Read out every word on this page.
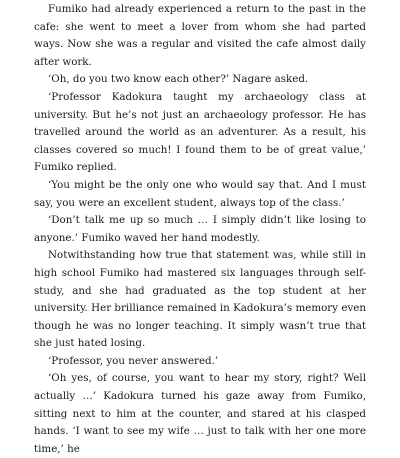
Fumiko had already experienced a return to the past in the cafe: she went to meet a lover from whom she had parted ways. Now she was a regular and visited the cafe almost daily after work.

‘Oh, do you two know each other?’ Nagare asked.

‘Professor Kadokura taught my archaeology class at university. But he’s not just an archaeology professor. He has travelled around the world as an adventurer. As a result, his classes covered so much! I found them to be of great value,’ Fumiko replied.

‘You might be the only one who would say that. And I must say, you were an excellent student, always top of the class.’

‘Don’t talk me up so much … I simply didn’t like losing to anyone.’ Fumiko waved her hand modestly.

Notwithstanding how true that statement was, while still in high school Fumiko had mastered six languages through self-study, and she had graduated as the top student at her university. Her brilliance remained in Kadokura’s memory even though he was no longer teaching. It simply wasn’t true that she just hated losing.

‘Professor, you never answered.’

‘Oh yes, of course, you want to hear my story, right? Well actually …’ Kadokura turned his gaze away from Fumiko, sitting next to him at the counter, and stared at his clasped hands. ‘I want to see my wife … just to talk with her one more time,’ he
